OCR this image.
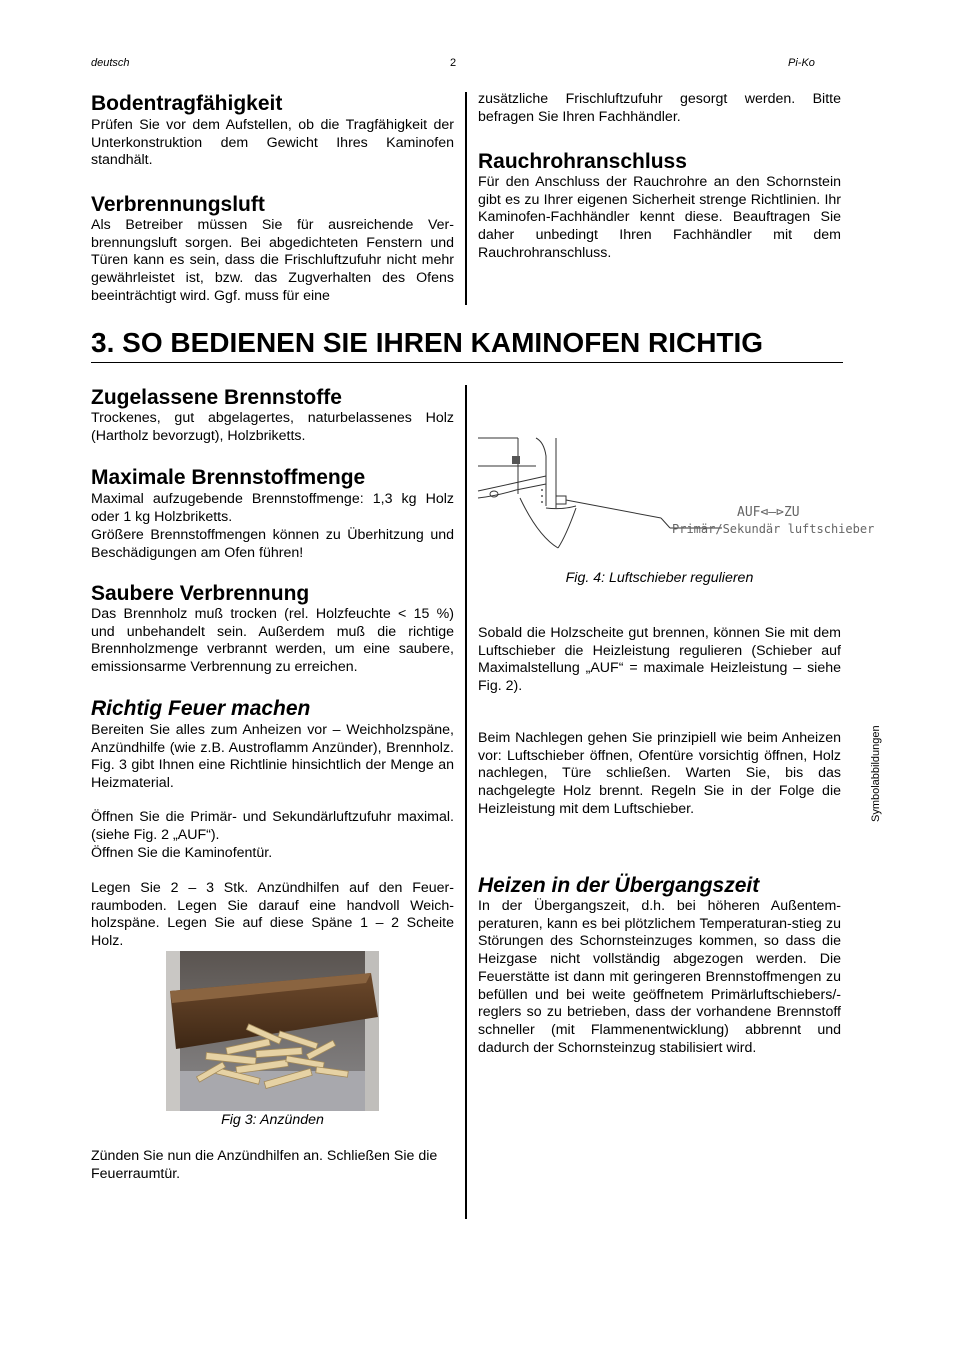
deutsch	2	Pi-Ko
Bodentragfähigkeit

Prüfen Sie vor dem Aufstellen, ob die Tragfähigkeit der Unterkonstruktion dem Gewicht Ihres Kaminofen standhält.

Verbrennungsluft

Als Betreiber müssen Sie für ausreichende Ver-brennungsluft sorgen. Bei abgedichteten Fenstern und Türen kann es sein, dass die Frischluftzufuhr nicht mehr gewährleistet ist, bzw. das Zugverhalten des Ofens beeinträchtigt wird. Ggf. muss für eine

zusätzliche Frischluftzufuhr gesorgt werden. Bitte befragen Sie Ihren Fachhändler.

Rauchrohranschluss

Für den Anschluss der Rauchrohre an den Schornstein gibt es zu Ihrer eigenen Sicherheit strenge Richtlinien. Ihr Kaminofen-Fachhändler kennt diese. Beauftragen Sie daher unbedingt Ihren Fachhändler mit dem Rauchrohranschluss.

3. SO BEDIENEN SIE IHREN KAMINOFEN RICHTIG
Zugelassene Brennstoffe

Trockenes, gut abgelagertes, naturbelassenes Holz (Hartholz bevorzugt), Holzbriketts.

Maximale Brennstoffmenge

Maximal aufzugebende Brennstoffmenge: 1,3 kg Holz oder 1 kg Holzbriketts.

Größere Brennstoffmengen können zu Überhitzung und Beschädigungen am Ofen führen!

Saubere Verbrennung

Das Brennholz muß trocken (rel. Holzfeuchte < 15 %) und unbehandelt sein. Außerdem muß die richtige Brennholzmenge verbrannt werden, um eine saubere, emissionsarme Verbrennung zu erreichen.

Richtig Feuer machen

Bereiten Sie alles zum Anheizen vor – Weichholzspäne, Anzündhilfe (wie z.B. Austroflamm Anzünder), Brennholz. Fig. 3 gibt Ihnen eine Richtlinie hinsichtlich der Menge an Heizmaterial.

Öffnen Sie die Primär- und Sekundärluftzufuhr maximal. (siehe Fig. 2 „AUF“).

Öffnen Sie die Kaminofentür.

Legen Sie 2 – 3 Stk. Anzündhilfen auf den Feuer-raumboden. Legen Sie darauf eine handvoll Weich-holzspäne. Legen Sie auf diese Späne 1 – 2 Scheite Holz.

Fig 3: Anzünden

Zünden Sie nun die Anzündhilfen an. Schließen Sie die Feuerraumtür.

AUF⊲—⊳ZU
Primär/Sekundär luftschieber
Fig. 4: Luftschieber regulieren

Sobald die Holzscheite gut brennen, können Sie mit dem Luftschieber die Heizleistung regulieren (Schieber auf Maximalstellung „AUF“ = maximale Heizleistung – siehe Fig. 2).

Beim Nachlegen gehen Sie prinzipiell wie beim Anheizen vor: Luftschieber öffnen, Ofentüre vorsichtig öffnen, Holz nachlegen, Türe schließen. Warten Sie, bis das nachgelegte Holz brennt. Regeln Sie in der Folge die Heizleistung mit dem Luftschieber.

Heizen in der Übergangszeit

In der Übergangszeit, d.h. bei höheren Außentem-peraturen, kann es bei plötzlichem Temperaturan-stieg zu Störungen des Schornsteinzuges kommen, so dass die Heizgase nicht vollständig abgezogen werden. Die Feuerstätte ist dann mit geringeren Brennstoffmengen zu befüllen und bei weite geöffnetem Primärluftschiebers/-reglers so zu betrieben, dass der vorhandene Brennstoff schneller (mit Flammenentwicklung) abbrennt und dadurch der Schornsteinzug stabilisiert wird.

Symbolabbildungen
